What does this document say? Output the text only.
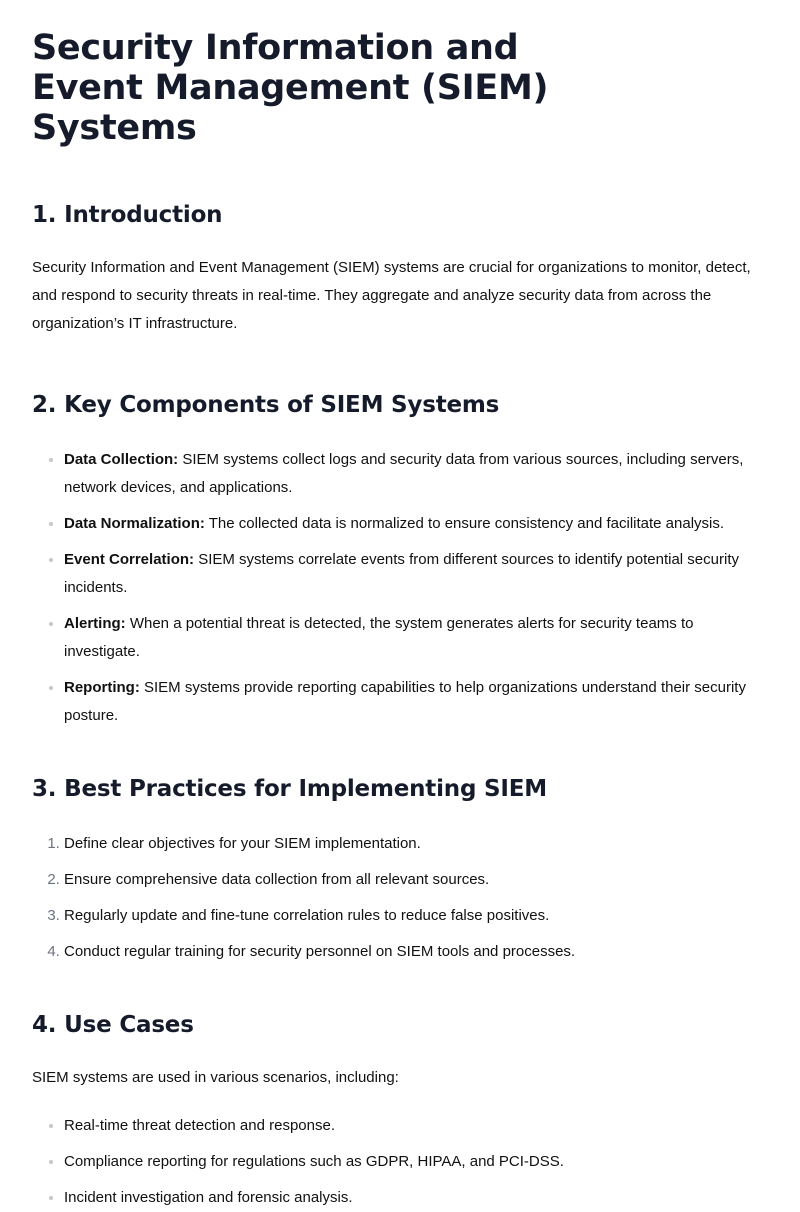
Security Information and Event Management (SIEM) Systems
1. Introduction

Security Information and Event Management (SIEM) systems are crucial for organizations to monitor, detect, and respond to security threats in real-time. They aggregate and analyze security data from across the organization’s IT infrastructure.

2. Key Components of SIEM Systems
• Data Collection: SIEM systems collect logs and security data from various sources, including servers, network devices, and applications.
• Data Normalization: The collected data is normalized to ensure consistency and facilitate analysis.
• Event Correlation: SIEM systems correlate events from different sources to identify potential security incidents.
• Alerting: When a potential threat is detected, the system generates alerts for security teams to investigate.
• Reporting: SIEM systems provide reporting capabilities to help organizations understand their security posture.
3. Best Practices for Implementing SIEM
1. Define clear objectives for your SIEM implementation.
2. Ensure comprehensive data collection from all relevant sources.
3. Regularly update and fine-tune correlation rules to reduce false positives.
4. Conduct regular training for security personnel on SIEM tools and processes.
4. Use Cases

SIEM systems are used in various scenarios, including:

• Real-time threat detection and response.
• Compliance reporting for regulations such as GDPR, HIPAA, and PCI-DSS.
• Incident investigation and forensic analysis.
